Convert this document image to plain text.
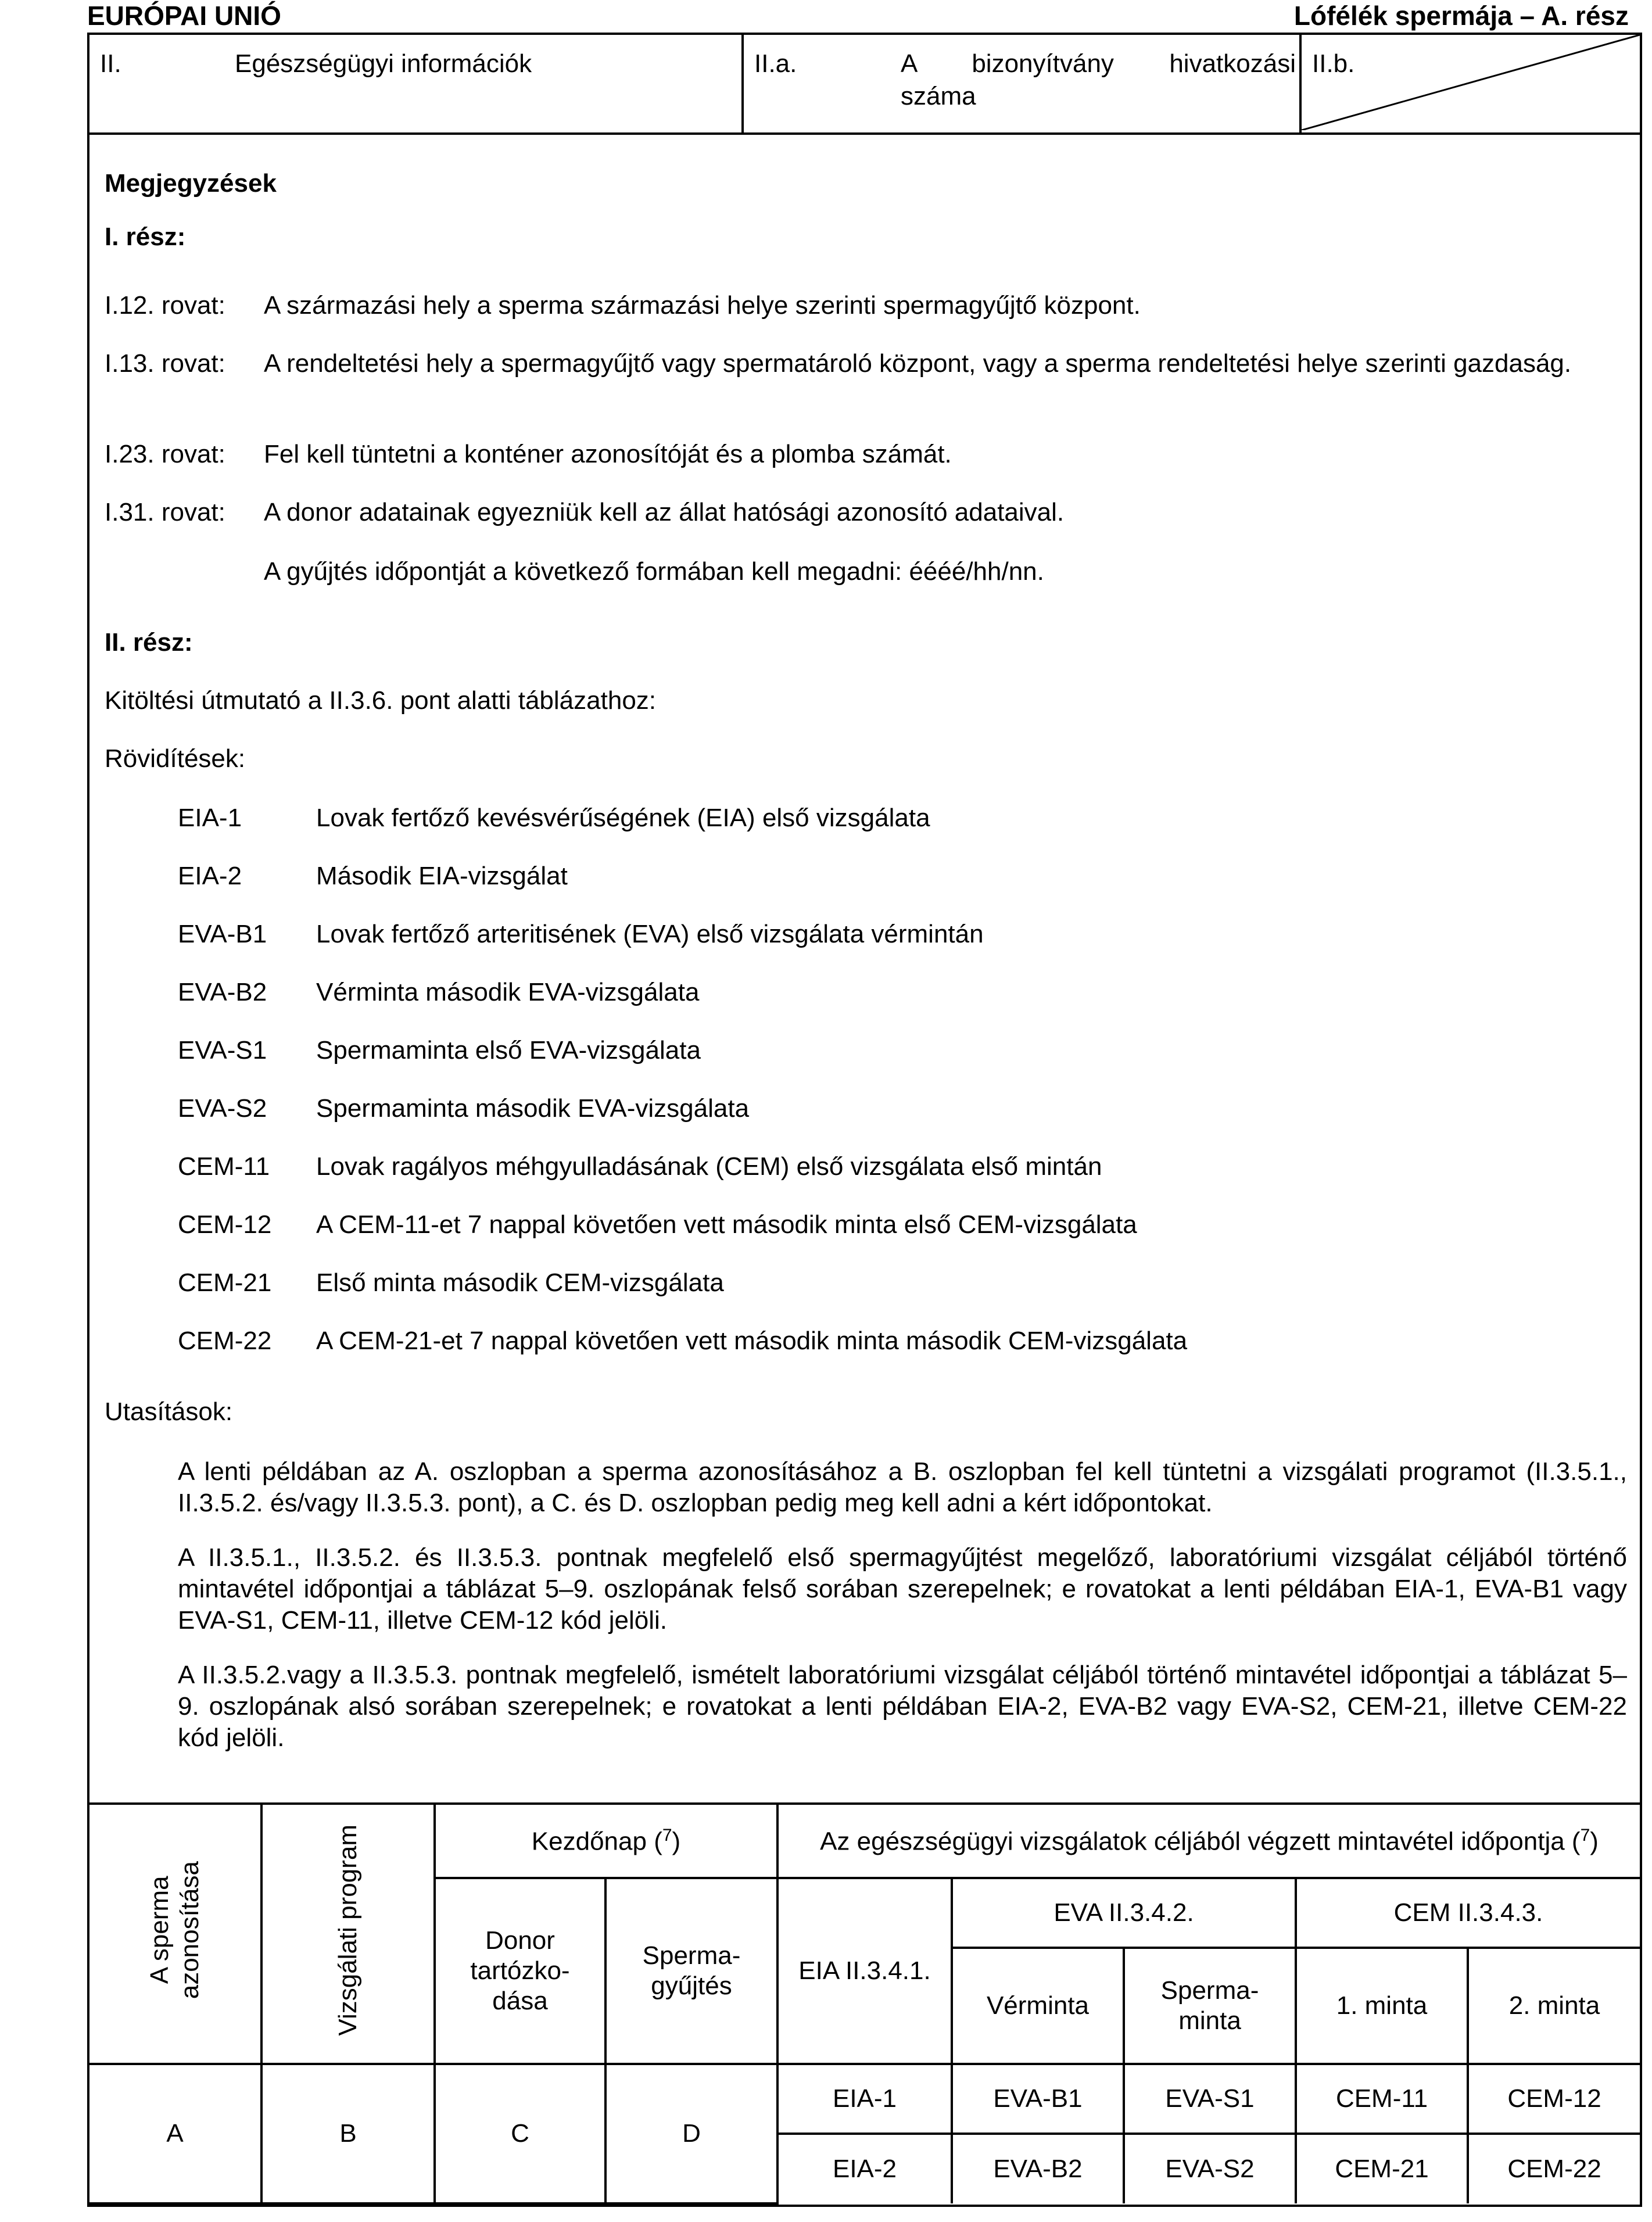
EURÓPAI UNIÓ	Lófélék spermája – A. rész
II.	Egészségügyi információk	II.a.	A bizonyítvány hivatkozási
száma
II.b.
Megjegyzések
I. rész:
I.12. rovat: A származási hely a sperma származási helye szerinti spermagyűjtő központ.
I.13. rovat: A rendeltetési hely a spermagyűjtő vagy spermatároló központ, vagy a sperma rendeltetési helye szerinti gazdaság.
I.23. rovat: Fel kell tüntetni a konténer azonosítóját és a plomba számát.
I.31. rovat: A donor adatainak egyezniük kell az állat hatósági azonosító adataival.
A gyűjtés időpontját a következő formában kell megadni: éééé/hh/nn.
II. rész:
Kitöltési útmutató a II.3.6. pont alatti táblázathoz:
Rövidítések:
EIA-1	Lovak fertőző kevésvérűségének (EIA) első vizsgálata
EIA-2	Második EIA-vizsgálat
EVA-B1 Lovak fertőző arteritisének (EVA) első vizsgálata vérmintán
EVA-B2 Vérminta második EVA-vizsgálata
EVA-S1 Spermaminta első EVA-vizsgálata
EVA-S2 Spermaminta második EVA-vizsgálata
CEM-11 Lovak ragályos méhgyulladásának (CEM) első vizsgálata első mintán
CEM-12 A CEM-11-et 7 nappal követően vett második minta első CEM-vizsgálata
CEM-21 Első minta második CEM-vizsgálata
CEM-22 A CEM-21-et 7 nappal követően vett második minta második CEM-vizsgálata
Utasítások:
A lenti példában az A. oszlopban a sperma azonosításához a B. oszlopban fel kell tüntetni a vizsgálati programot (II.3.5.1., II.3.5.2. és/vagy II.3.5.3. pont), a C. és D. oszlopban pedig meg kell adni a kért időpontokat.
A II.3.5.1., II.3.5.2. és II.3.5.3. pontnak megfelelő első spermagyűjtést megelőző, laboratóriumi vizsgálat céljából történő mintavétel időpontjai a táblázat 5–9. oszlopának felső sorában szerepelnek; e rovatokat a lenti példában EIA-1, EVA-B1 vagy EVA-S1, CEM-11, illetve CEM-12 kód jelöli.
A II.3.5.2.vagy a II.3.5.3. pontnak megfelelő, ismételt laboratóriumi vizsgálat céljából történő mintavétel időpontjai a táblázat 5–9. oszlopának alsó sorában szerepelnek; e rovatokat a lenti példában EIA-2, EVA-B2 vagy EVA-S2, CEM-21, illetve CEM-22 kód jelöli.
A sperma
azonosítása	Vizsgálati program	Kezdőnap ($^7$)		Az egészségügyi vizsgálatok céljából végzett mintavétel időpontja ($^7$)				
		Donor
tartózko-
dása	Sperma-
gyűjtés	EIA II.3.4.1.	EVA II.3.4.2.		CEM II.3.4.3.	
					Vérminta	Sperma-
minta	1. minta	2. minta
A	B	C	D	EIA-1	EVA-B1	EVA-S1	CEM-11	CEM-12
				EIA-2	EVA-B2	EVA-S2	CEM-21	CEM-22
